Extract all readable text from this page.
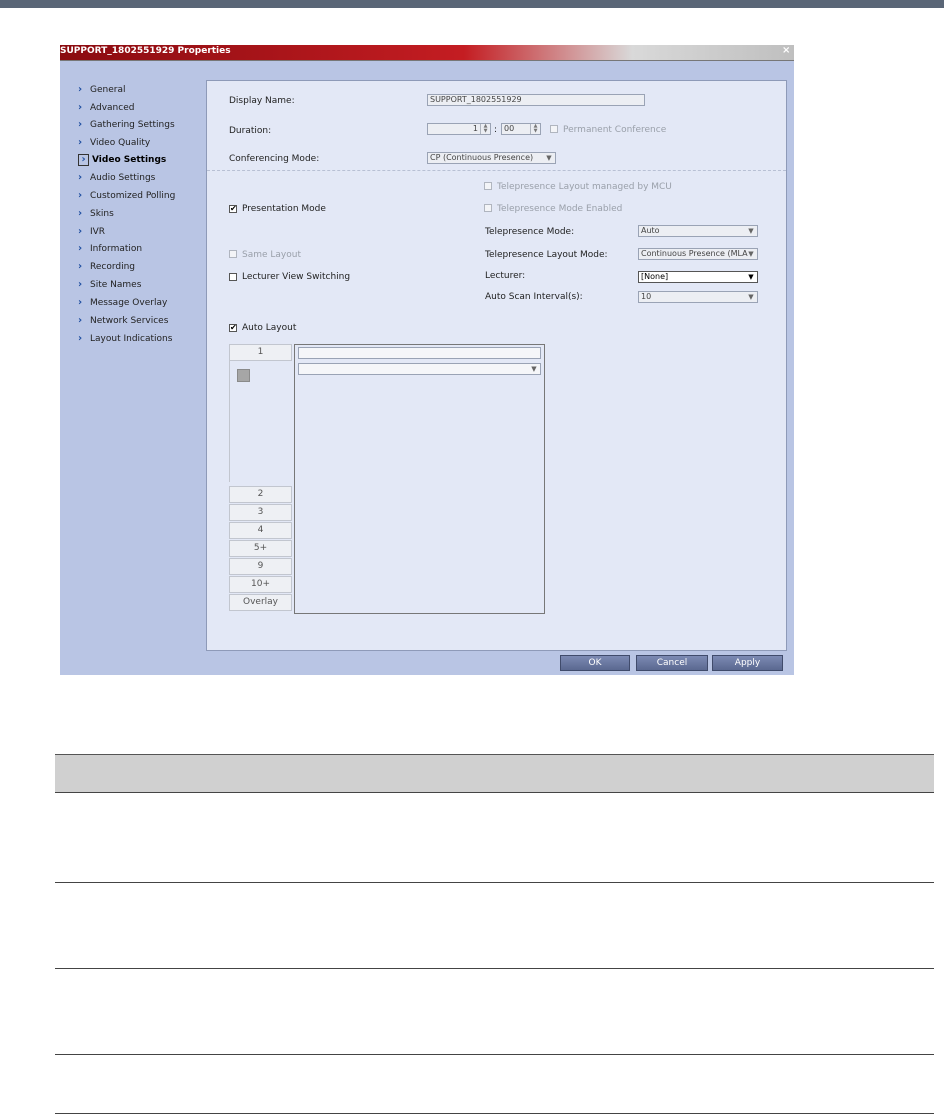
SUPPORT_1802551929 Properties	×
› General
› Advanced
› Gathering Settings
› Video Quality
› Video Settings
› Audio Settings
› Customized Polling
› Skins
› IVR
› Information
› Recording
› Site Names
› Message Overlay
› Network Services
› Layout Indications
Display Name:	SUPPORT_1802551929
Duration:	1	▲
▼ : 00	▲
▼	Permanent Conference
Conferencing Mode:	CP (Continuous Presence)	▼
Telepresence Layout managed by MCU
✔ Presentation Mode	Telepresence Mode Enabled
Telepresence Mode:	Auto	▼
Same Layout	Telepresence Layout Mode:	Continuous Presence (MLA ▼
Lecturer View Switching	Lecturer:	[None]	▼
Auto Scan Interval(s):	10	▼
✔ Auto Layout
1
2
3
4
5+
9
10+
Overlay
▼
OK	Cancel	Apply
